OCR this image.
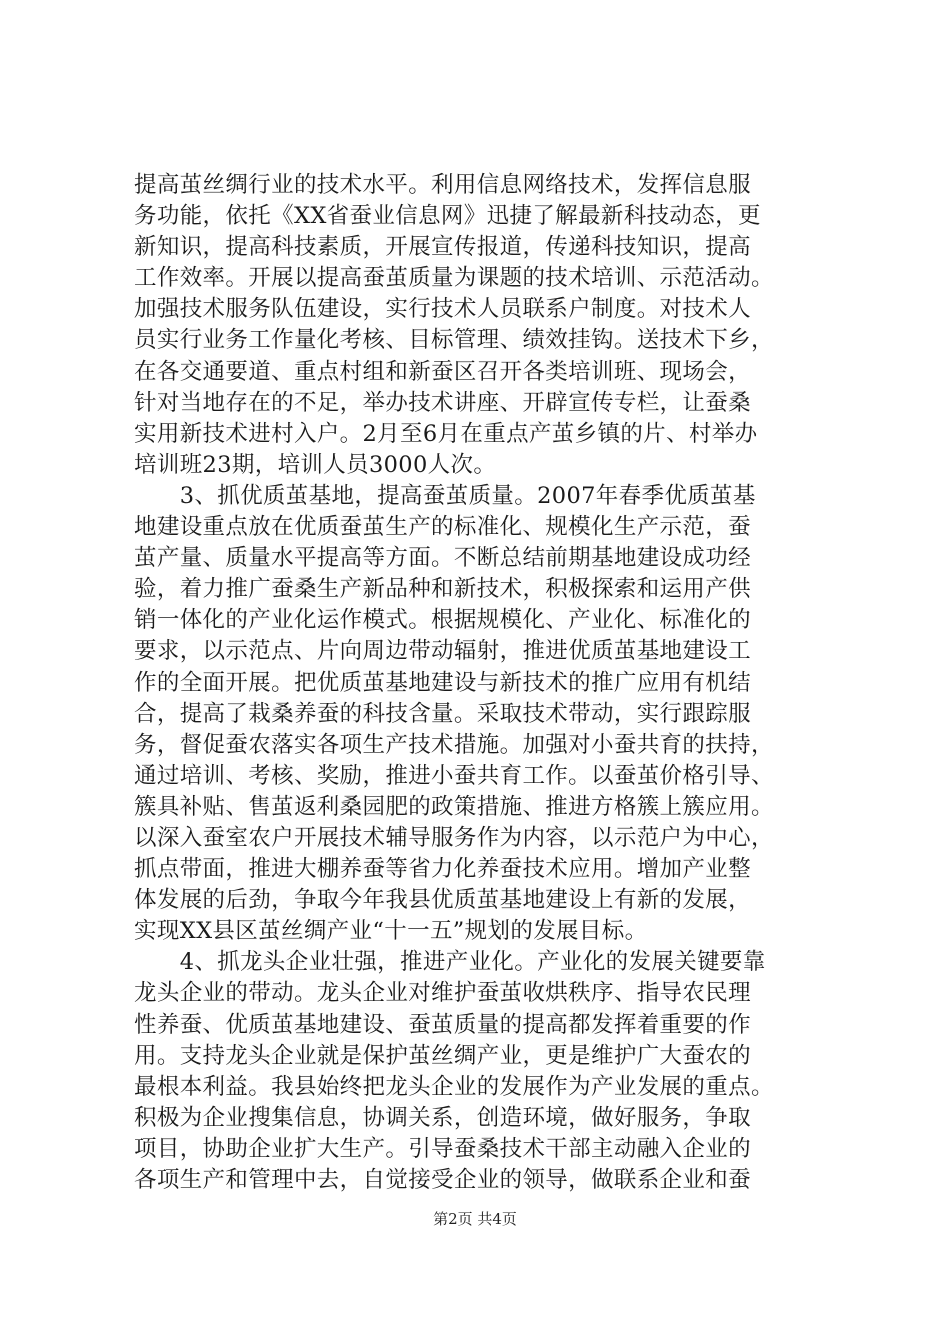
提高茧丝绸行业的技术水平。利用信息网络技术，发挥信息服
务功能，依托《XX省蚕业信息网》迅捷了解最新科技动态，更
新知识，提高科技素质，开展宣传报道，传递科技知识，提高
工作效率。开展以提高蚕茧质量为课题的技术培训、示范活动。
加强技术服务队伍建设，实行技术人员联系户制度。对技术人
员实行业务工作量化考核、目标管理、绩效挂钩。送技术下乡，
在各交通要道、重点村组和新蚕区召开各类培训班、现场会，
针对当地存在的不足，举办技术讲座、开辟宣传专栏，让蚕桑
实用新技术进村入户。2月至6月在重点产茧乡镇的片、村举办
培训班23期，培训人员3000人次。
　　3、抓优质茧基地，提高蚕茧质量。2007年春季优质茧基
地建设重点放在优质蚕茧生产的标准化、规模化生产示范，蚕
茧产量、质量水平提高等方面。不断总结前期基地建设成功经
验，着力推广蚕桑生产新品种和新技术，积极探索和运用产供
销一体化的产业化运作模式。根据规模化、产业化、标准化的
要求，以示范点、片向周边带动辐射，推进优质茧基地建设工
作的全面开展。把优质茧基地建设与新技术的推广应用有机结
合，提高了栽桑养蚕的科技含量。采取技术带动，实行跟踪服
务，督促蚕农落实各项生产技术措施。加强对小蚕共育的扶持，
通过培训、考核、奖励，推进小蚕共育工作。以蚕茧价格引导、
簇具补贴、售茧返利桑园肥的政策措施、推进方格簇上簇应用。
以深入蚕室农户开展技术辅导服务作为内容，以示范户为中心，
抓点带面，推进大棚养蚕等省力化养蚕技术应用。增加产业整
体发展的后劲，争取今年我县优质茧基地建设上有新的发展，
实现XX县区茧丝绸产业“十一五”规划的发展目标。
　　4、抓龙头企业壮强，推进产业化。产业化的发展关键要靠
龙头企业的带动。龙头企业对维护蚕茧收烘秩序、指导农民理
性养蚕、优质茧基地建设、蚕茧质量的提高都发挥着重要的作
用。支持龙头企业就是保护茧丝绸产业，更是维护广大蚕农的
最根本利益。我县始终把龙头企业的发展作为产业发展的重点。
积极为企业搜集信息，协调关系，创造环境，做好服务，争取
项目，协助企业扩大生产。引导蚕桑技术干部主动融入企业的
各项生产和管理中去，自觉接受企业的领导，做联系企业和蚕
第2页 共4页
